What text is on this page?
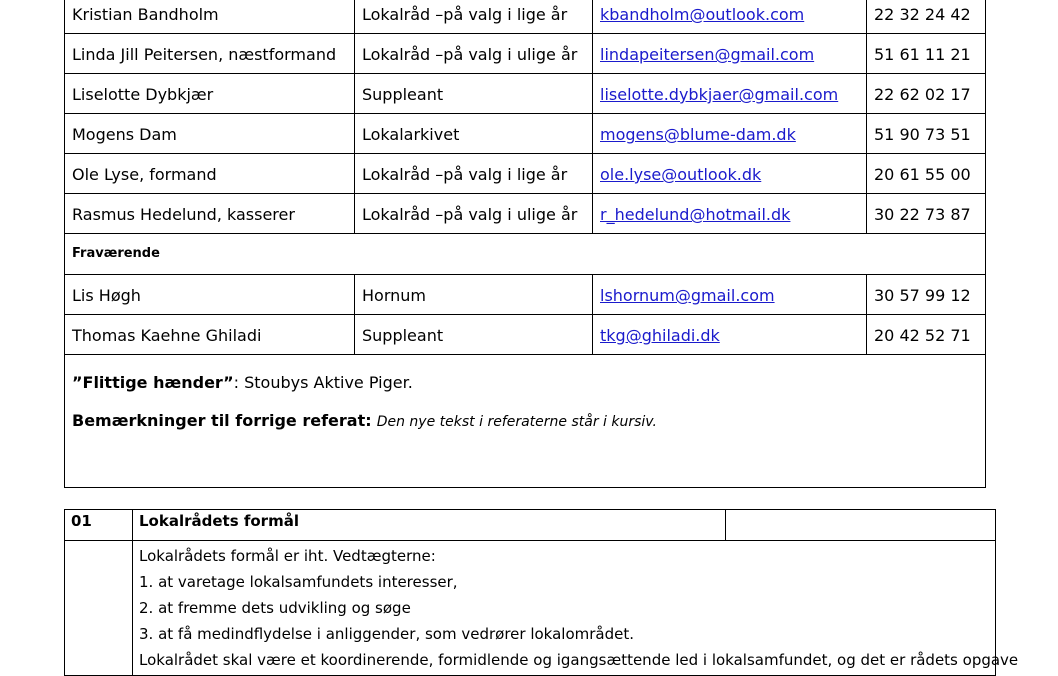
Kristian Bandholm	Lokalråd –på valg i lige år	kbandholm@outlook.com	22 32 24 42
Linda Jill Peitersen, næstformand	Lokalråd –på valg i ulige år	lindapeitersen@gmail.com	51 61 11 21
Liselotte Dybkjær	Suppleant	liselotte.dybkjaer@gmail.com	22 62 02 17
Mogens Dam	Lokalarkivet	mogens@blume-dam.dk	51 90 73 51
Ole Lyse, formand	Lokalråd –på valg i lige år	ole.lyse@outlook.dk	20 61 55 00
Rasmus Hedelund, kasserer	Lokalråd –på valg i ulige år	r_hedelund@hotmail.dk	30 22 73 87
Fraværende			
Lis Høgh	Hornum	lshornum@gmail.com	30 57 99 12
Thomas Kaehne Ghiladi	Suppleant	tkg@ghiladi.dk	20 42 52 71

”Flittige hænder”: Stoubys Aktive Piger.

Bemærkninger til forrige referat: Den nye tekst i referaterne står i kursiv.			

01	Lokalrådets formål	

	Lokalrådets formål er iht. Vedtægterne:
1. at varetage lokalsamfundets interesser,
2. at fremme dets udvikling og søge
3. at få medindflydelse i anliggender, som vedrører lokalområdet.
Lokalrådet skal være et koordinerende, formidlende og igangsættende led i lokalsamfundet, og det er rådets opgave	
